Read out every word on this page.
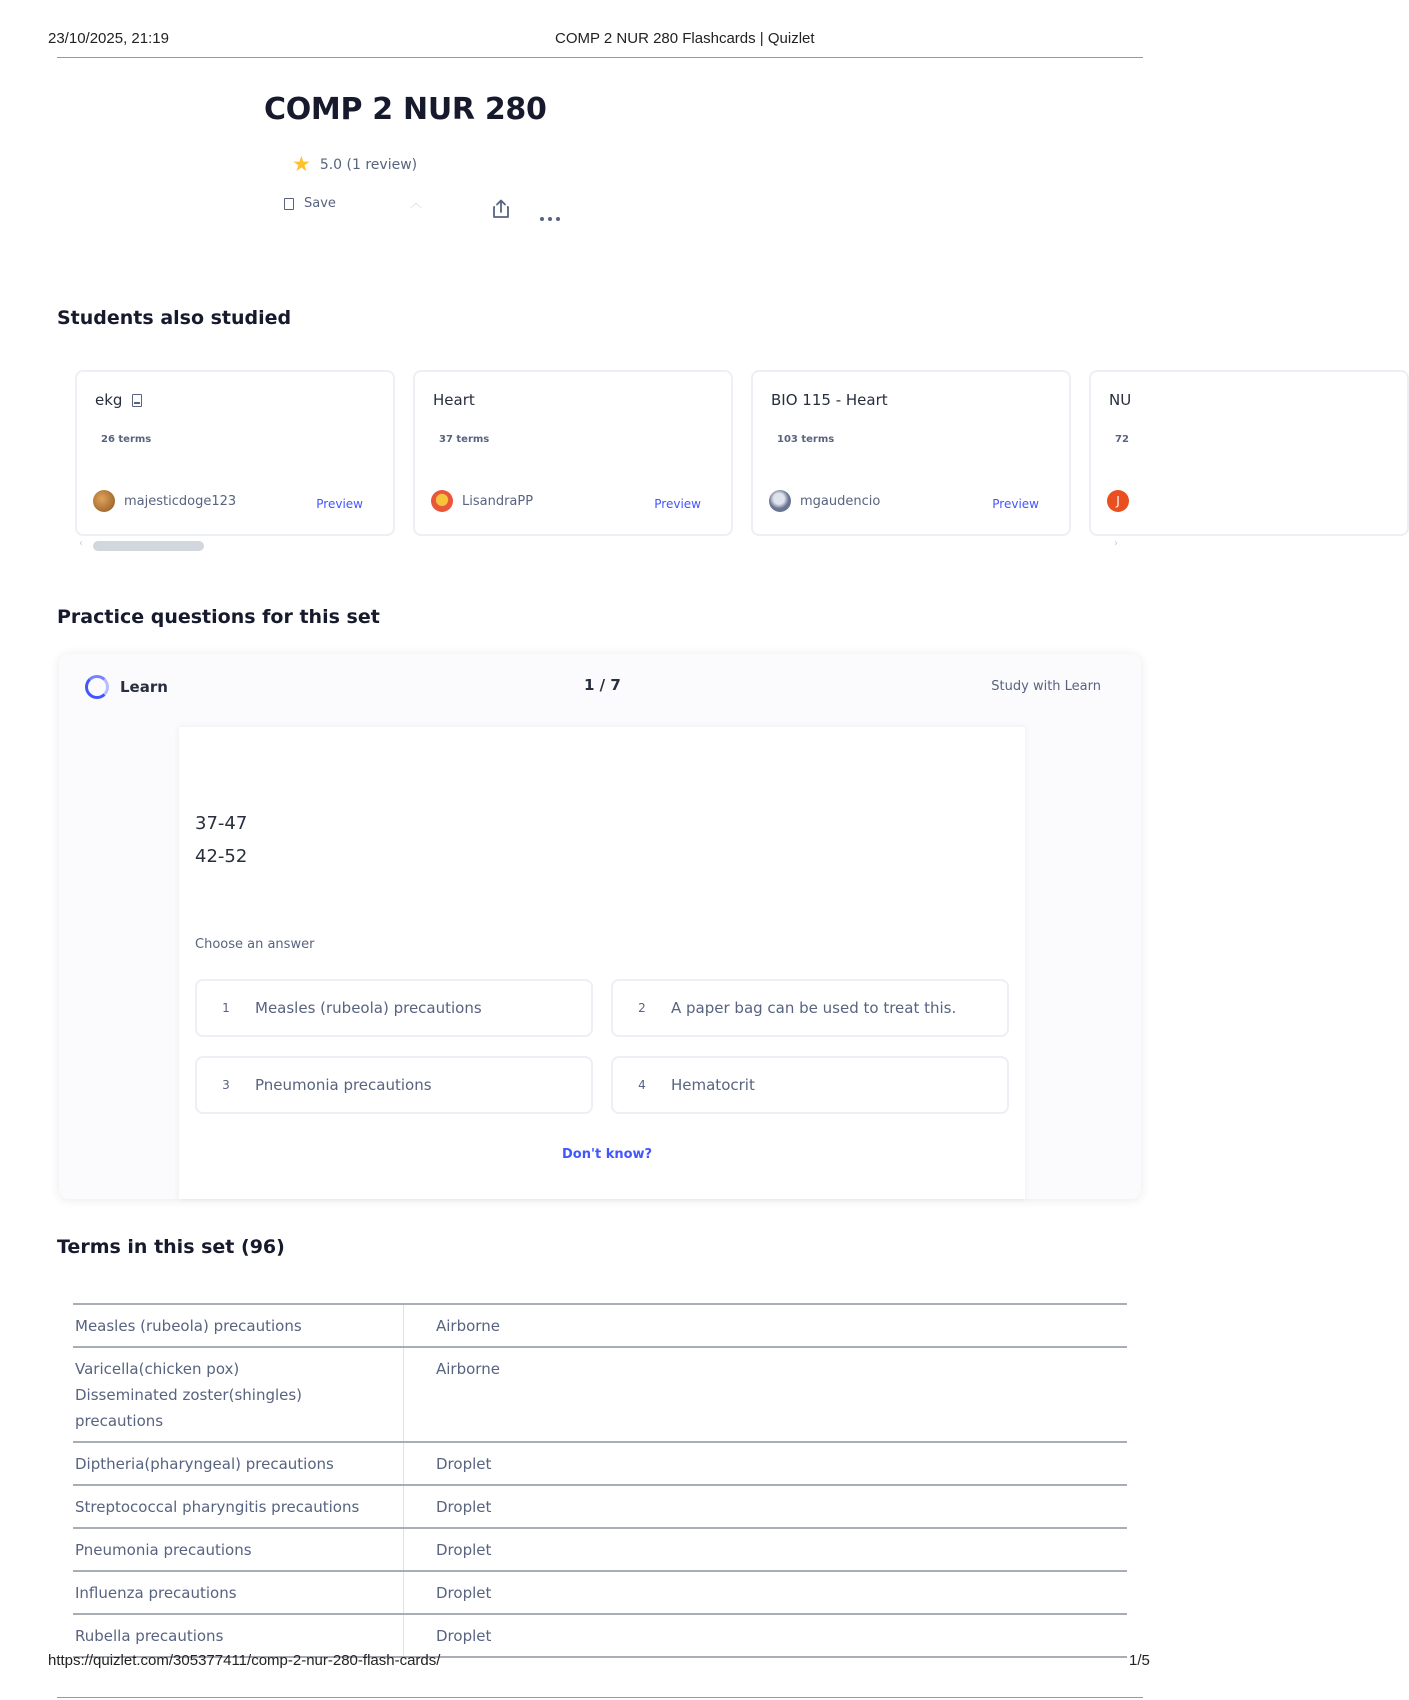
23/10/2025, 21:19	COMP 2 NUR 280 Flashcards | Quizlet
COMP 2 NUR 280
★ 5.0 (1 review)
Save	︿
Students also studied
ekg
26 terms
majesticdoge123	Preview
Heart
37 terms
LisandraPP	Preview
BIO 115 - Heart
103 terms
mgaudencio	Preview
NU
72
J
‹	›
Practice questions for this set
Learn	1 / 7	Study with Learn
37-47
42-52
Choose an answer
1	Measles (rubeola) precautions	2	A paper bag can be used to treat this.
3	Pneumonia precautions	4	Hematocrit
Don't know?
Terms in this set (96)
Measles (rubeola) precautions	Airborne
Varicella(chicken pox)
Disseminated zoster(shingles)
precautions	Airborne
Diptheria(pharyngeal) precautions	Droplet
Streptococcal pharyngitis precautions	Droplet
Pneumonia precautions	Droplet
Influenza precautions	Droplet
Rubella precautions	Droplet
https://quizlet.com/305377411/comp-2-nur-280-flash-cards/	1/5
